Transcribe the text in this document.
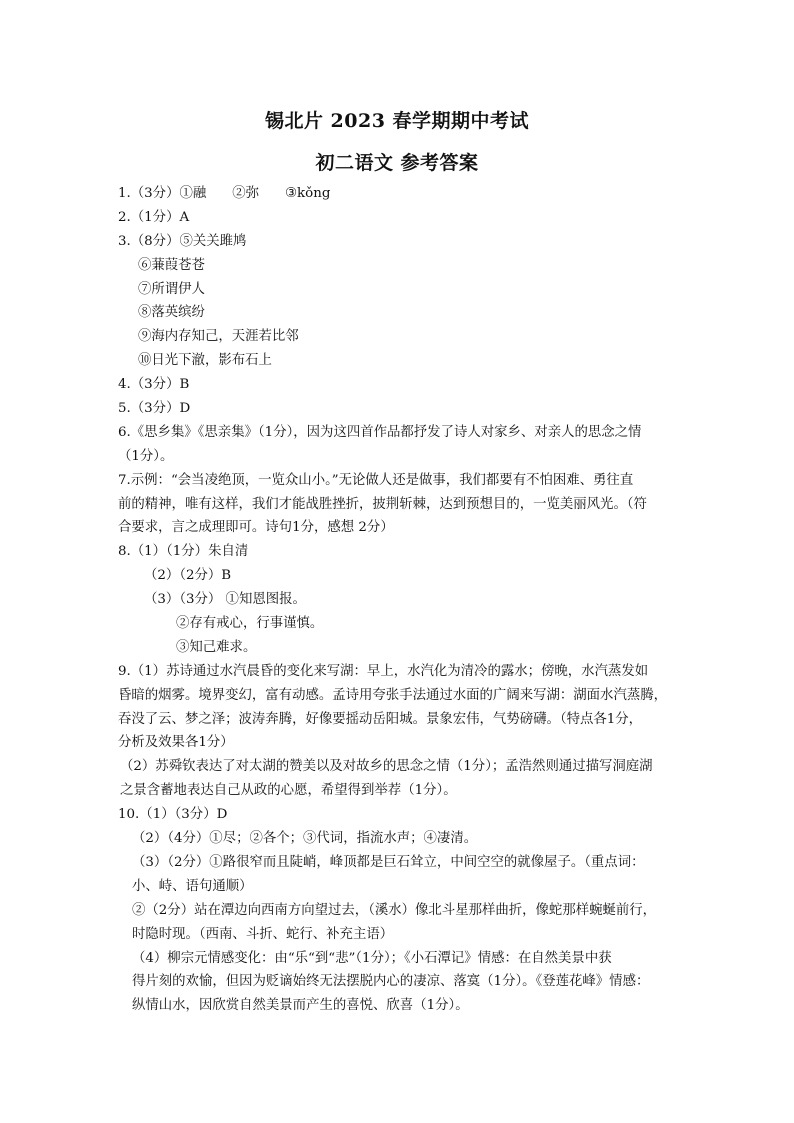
锡北片 2023 春学期期中考试
初二语文 参考答案
1.（3分）①融 ②弥 ③kǒng
2.（1分）A
3.（8分）⑤关关雎鸠
⑥蒹葭苍苍
⑦所谓伊人
⑧落英缤纷
⑨海内存知己，天涯若比邻
⑩日光下澈，影布石上
4.（3分）B
5.（3分）D
6.《思乡集》《思亲集》（1分），因为这四首作品都抒发了诗人对家乡、对亲人的思念之情
（1分）。
7.示例：“会当凌绝顶，一览众山小。”无论做人还是做事，我们都要有不怕困难、勇往直
前的精神，唯有这样，我们才能战胜挫折，披荆斩棘，达到预想目的，一览美丽风光。（符
合要求，言之成理即可。诗句1分，感想 2分）
8.（1）（1分）朱自清
（2）（2分）B
（3）（3分） ①知恩图报。
②存有戒心，行事谨慎。
③知己难求。
9.（1）苏诗通过水汽晨昏的变化来写湖：早上，水汽化为清冷的露水；傍晚，水汽蒸发如
昏暗的烟雾。境界变幻，富有动感。孟诗用夸张手法通过水面的广阔来写湖：湖面水汽蒸腾，
吞没了云、梦之泽；波涛奔腾，好像要摇动岳阳城。景象宏伟，气势磅礴。（特点各1分，
分析及效果各1分）
（2）苏舜钦表达了对太湖的赞美以及对故乡的思念之情（1分）；孟浩然则通过描写洞庭湖
之景含蓄地表达自己从政的心愿，希望得到举荐（1分）。
10.（1）（3分）D
（2）（4分）①尽；②各个；③代词，指流水声；④凄清。
（3）（2分）①路很窄而且陡峭，峰顶都是巨石耸立，中间空空的就像屋子。（重点词：
小、峙、语句通顺）
②（2分）站在潭边向西南方向望过去，（溪水）像北斗星那样曲折，像蛇那样蜿蜒前行，
时隐时现。（西南、斗折、蛇行、补充主语）
（4）柳宗元情感变化：由“乐“到“悲”（1分）；《小石潭记》情感：在自然美景中获
得片刻的欢愉，但因为贬谪始终无法摆脱内心的凄凉、落寞（1分）。《登莲花峰》情感：
纵情山水，因欣赏自然美景而产生的喜悦、欣喜（1分）。
